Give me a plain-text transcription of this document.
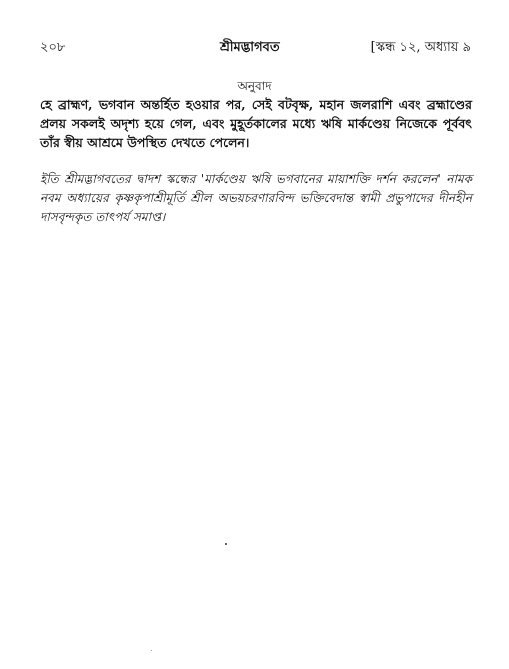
২০৮	শ্রীমদ্ভাগবত	[স্কন্ধ ১২, অধ্যায় ৯
অনুবাদ

হে ব্রাহ্মণ, ভগবান অন্তর্হিত হওয়ার পর, সেই বটবৃক্ষ, মহান জলরাশি এবং ব্রহ্মাণ্ডের প্রলয় সকলই অদৃশ্য হয়ে গেল, এবং মুহূর্তকালের মধ্যে ঋষি মার্কণ্ডেয় নিজেকে পূর্ববৎ তাঁর স্বীয় আশ্রমে উপস্থিত দেখতে পেলেন।

ইতি শ্রীমদ্ভাগবতের দ্বাদশ স্কন্ধের 'মার্কণ্ডেয় ঋষি ভগবানের মায়াশক্তি দর্শন করলেন' নামক নবম অধ্যায়ের কৃষ্ণকৃপাশ্রীমূর্তি শ্রীল অভয়চরণারবিন্দ ভক্তিবেদান্ত স্বামী প্রভুপাদের দীনহীন দাসবৃন্দকৃত তাৎপর্য সমাপ্ত।
